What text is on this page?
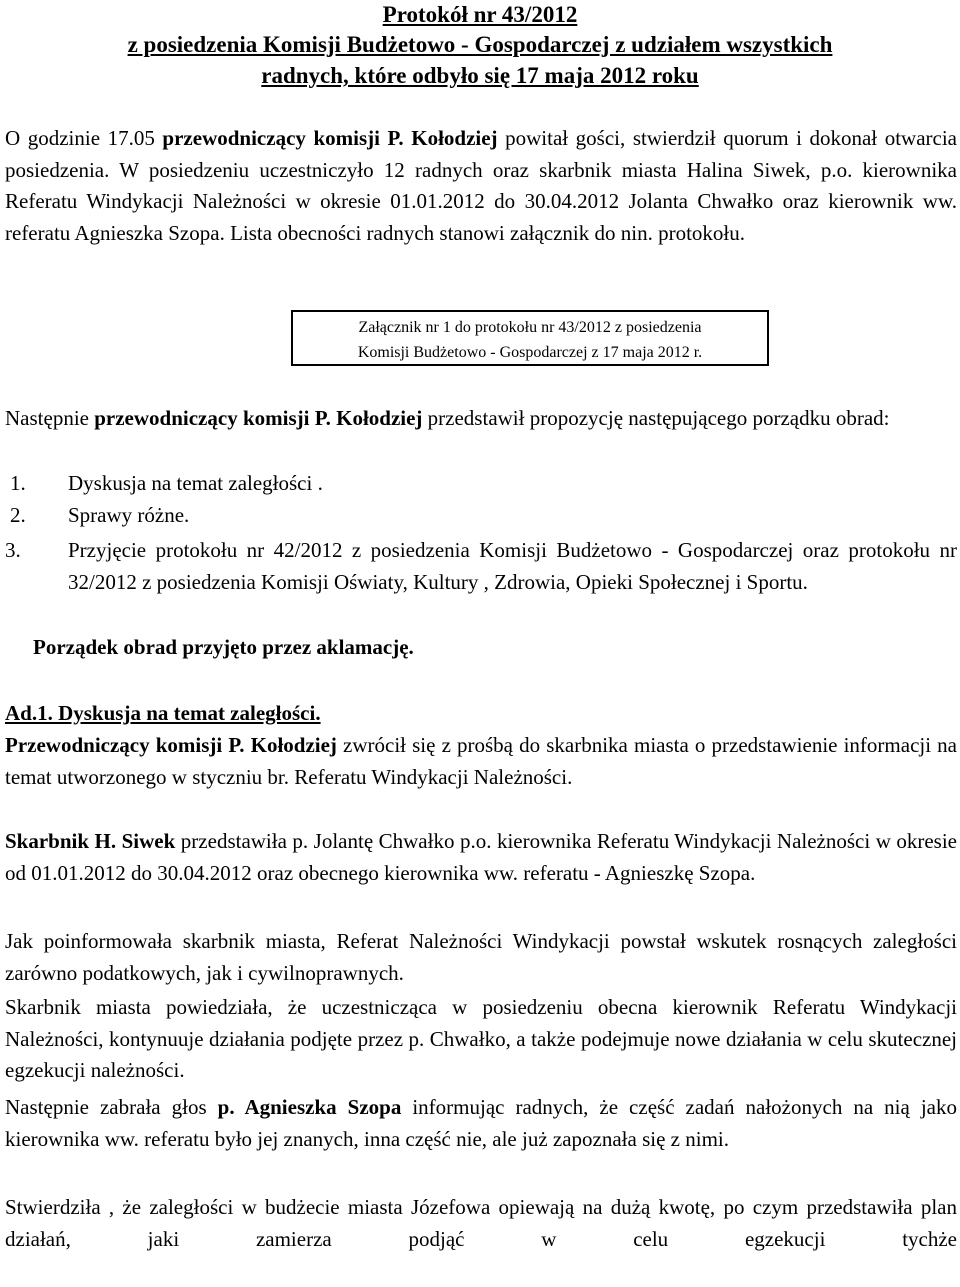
Protokół nr 43/2012
z posiedzenia Komisji Budżetowo - Gospodarczej z udziałem wszystkich
radnych, które odbyło się 17 maja 2012 roku
O godzinie 17.05 przewodniczący komisji P. Kołodziej powitał gości, stwierdził quorum i dokonał otwarcia posiedzenia. W posiedzeniu uczestniczyło 12 radnych oraz skarbnik miasta Halina Siwek, p.o. kierownika Referatu Windykacji Należności w okresie 01.01.2012 do 30.04.2012 Jolanta Chwałko oraz kierownik ww. referatu Agnieszka Szopa. Lista obecności radnych stanowi załącznik do nin. protokołu.
Załącznik nr 1 do protokołu nr 43/2012 z posiedzenia
Komisji Budżetowo - Gospodarczej z 17 maja 2012 r.
Następnie przewodniczący komisji P. Kołodziej przedstawił propozycję następującego porządku obrad:
1. Dyskusja na temat zaległości .
2. Sprawy różne.
3. Przyjęcie protokołu nr 42/2012 z posiedzenia Komisji Budżetowo - Gospodarczej oraz protokołu nr 32/2012 z posiedzenia Komisji Oświaty, Kultury , Zdrowia, Opieki Społecznej i Sportu.
Porządek obrad przyjęto przez aklamację.
Ad.1. Dyskusja na temat zaległości.
Przewodniczący komisji P. Kołodziej zwrócił się z prośbą do skarbnika miasta o przedstawienie informacji na temat utworzonego w styczniu br. Referatu Windykacji Należności.
Skarbnik H. Siwek przedstawiła p. Jolantę Chwałko p.o. kierownika Referatu Windykacji Należności w okresie od 01.01.2012 do 30.04.2012 oraz obecnego kierownika ww. referatu - Agnieszkę Szopa.
Jak poinformowała skarbnik miasta, Referat Należności Windykacji powstał wskutek rosnących zaległości zarówno podatkowych, jak i cywilnoprawnych.
Skarbnik miasta powiedziała, że uczestnicząca w posiedzeniu obecna kierownik Referatu Windykacji Należności, kontynuuje działania podjęte przez p. Chwałko, a także podejmuje nowe działania w celu skutecznej egzekucji należności.
Następnie zabrała głos p. Agnieszka Szopa informując radnych, że część zadań nałożonych na nią jako kierownika ww. referatu było jej znanych, inna część nie, ale już zapoznała się z nimi.
Stwierdziła , że zaległości w budżecie miasta Józefowa opiewają na dużą kwotę, po czym przedstawiła plan działań, jaki zamierza podjąć w celu egzekucji tychże
